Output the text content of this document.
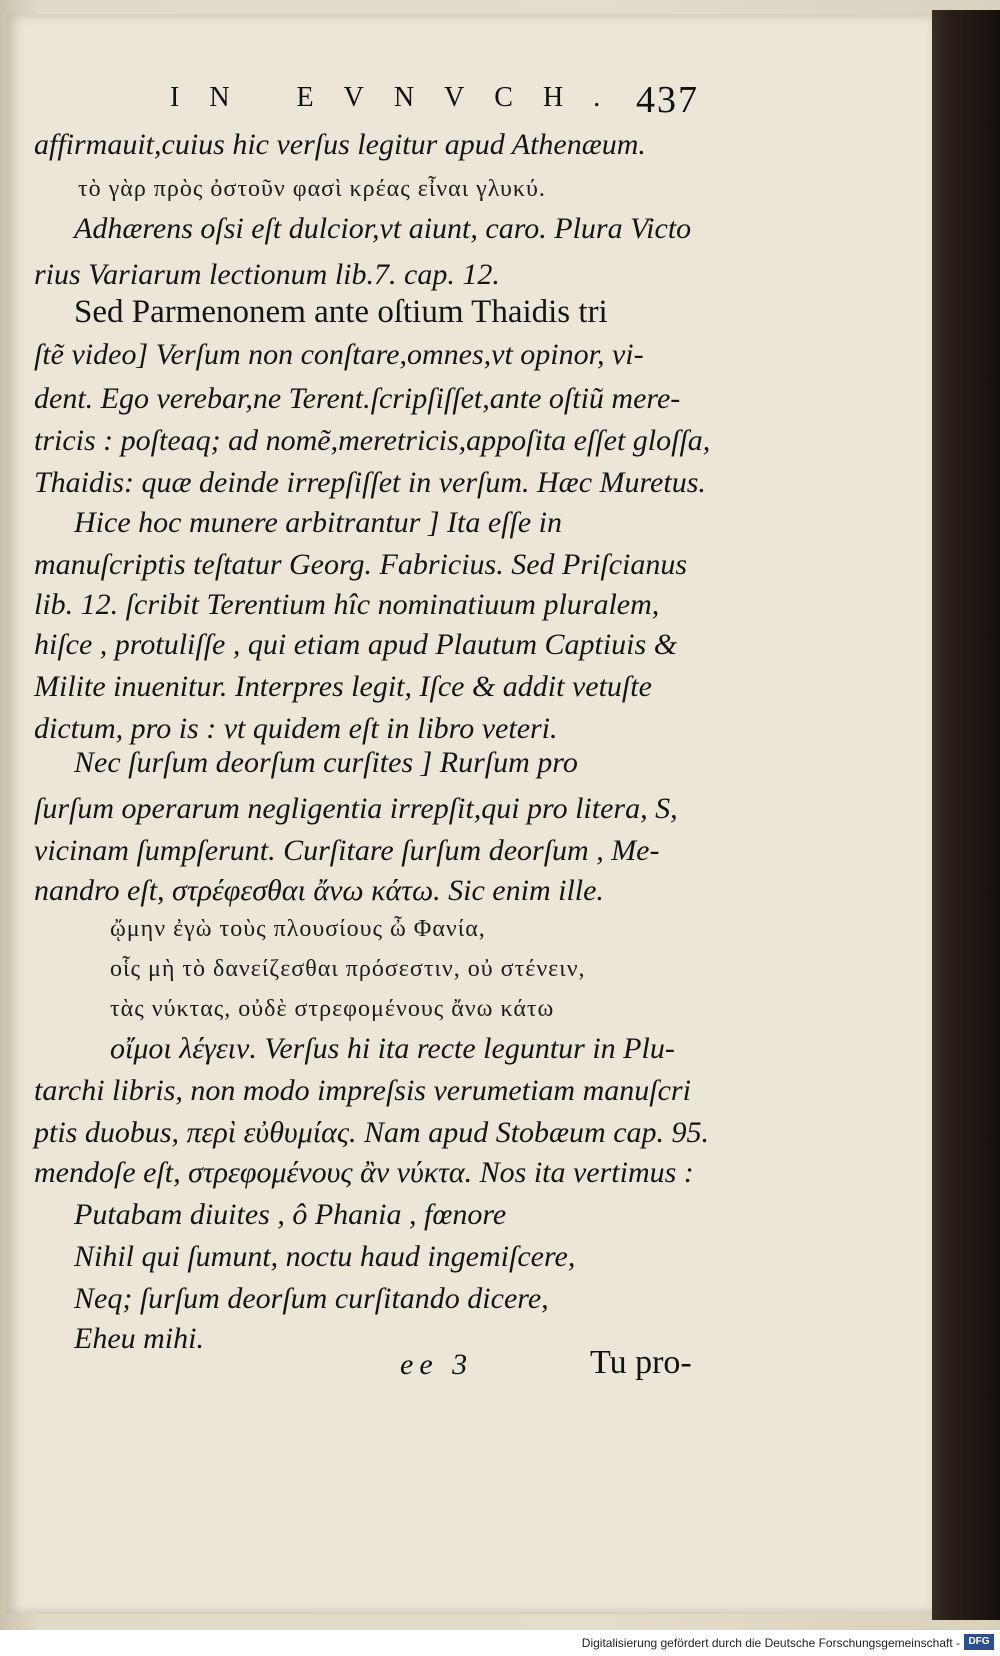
IN EVNVCH. 437
affirmauit,cuius hic verſus legitur apud Athenæum.
τὸ γὰρ πρὸς ὀστοῦν φασὶ κρέας εἶναι γλυκύ.
Adhærens oſsi eſt dulcior,vt aiunt, caro. Plura Victo
rius Variarum lectionum lib.7. cap. 12.
Sed Parmenonem ante oſtium Thaidis tri
ſtẽ video] Verſum non conſtare,omnes,vt opinor, vi-
dent. Ego verebar,ne Terent.ſcripſiſſet,ante oſtiũ mere-
tricis : poſteaq; ad nomẽ,meretricis,appoſita eſſet gloſſa,
Thaidis: quæ deinde irrepſiſſet in verſum. Hæc Muretus.
Hice hoc munere arbitrantur ] Ita eſſe in
manuſcriptis teſtatur Georg. Fabricius. Sed Priſcianus
lib. 12. ſcribit Terentium hîc nominatiuum pluralem,
hiſce , protuliſſe , qui etiam apud Plautum Captiuis &
Milite inuenitur. Interpres legit, Iſce & addit vetuſte
dictum, pro is : vt quidem eſt in libro veteri.
Nec ſurſum deorſum curſites ] Rurſum pro
ſurſum operarum negligentia irrepſit,qui pro litera, S,
vicinam ſumpſerunt. Curſitare ſurſum deorſum , Me-
nandro eſt, στρέφεσθαι ἄνω κάτω. Sic enim ille.
ᾤμην ἐγὼ τοὺς πλουσίους ὦ Φανία,
οἷς μὴ τὸ δανείζεσθαι πρόσεστιν, οὐ στένειν,
τὰς νύκτας, οὐδὲ στρεφομένους ἄνω κάτω
οἴμοι λέγειν. Verſus hi ita recte leguntur in Plu-
tarchi libris, non modo impreſsis verumetiam manuſcri
ptis duobus, περὶ εὐθυμίας. Nam apud Stobæum cap. 95.
mendoſe eſt, στρεφομένους ἂν νύκτα. Nos ita vertimus :
Putabam diuites , ô Phania , fœnore
Nihil qui ſumunt, noctu haud ingemiſcere,
Neq; ſurſum deorſum curſitando dicere,
Eheu mihi.
ee 3	Tu pro-
Digitalisierung gefördert durch die Deutsche Forschungsgemeinschaft - DFG
